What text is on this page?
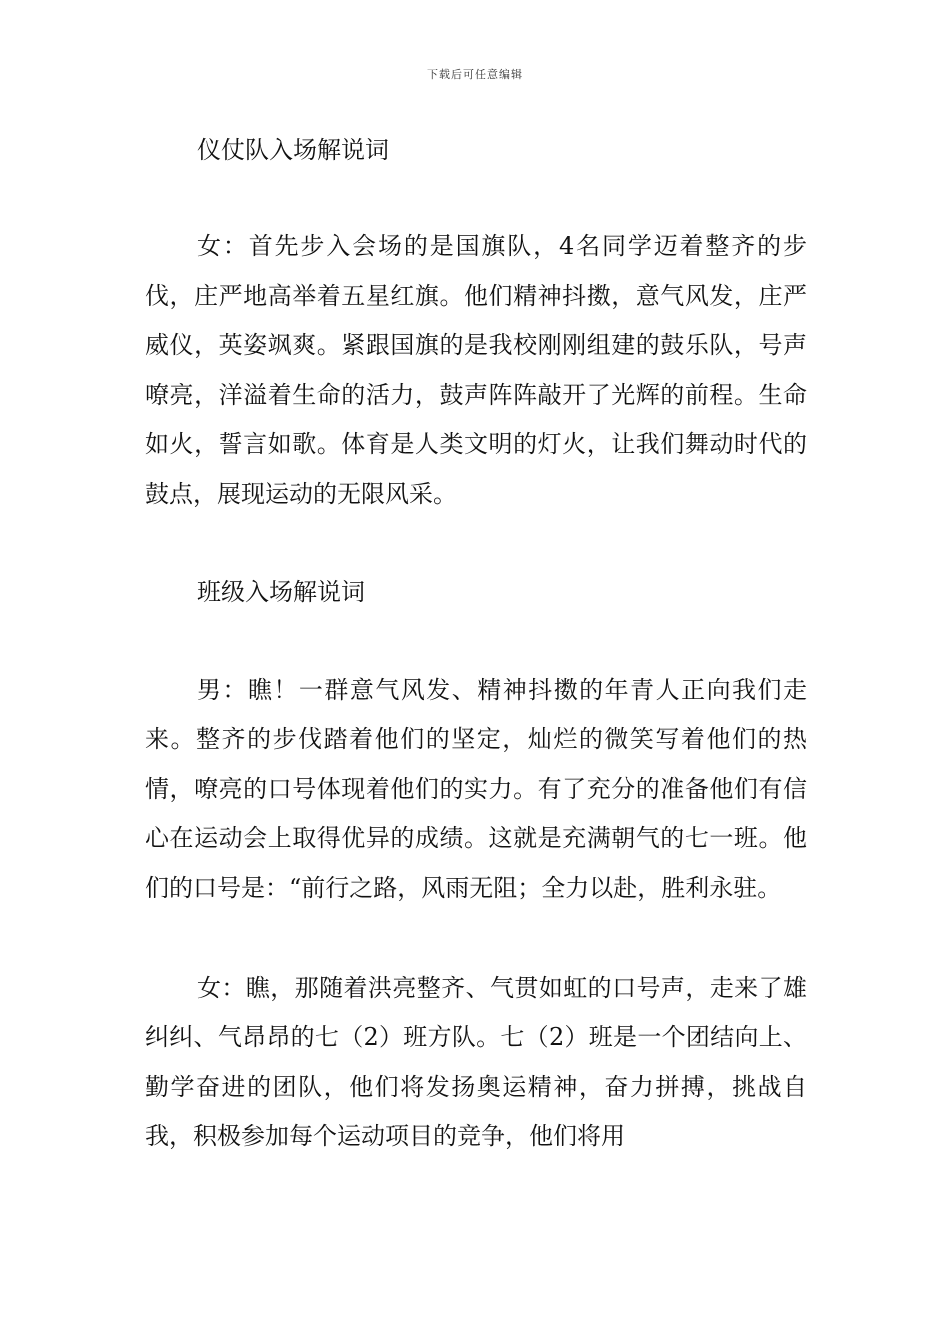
下载后可任意编辑
仪仗队入场解说词

女：首先步入会场的是国旗队，4名同学迈着整齐的步伐，庄严地高举着五星红旗。他们精神抖擞，意气风发，庄严威仪，英姿飒爽。紧跟国旗的是我校刚刚组建的鼓乐队，号声嘹亮，洋溢着生命的活力，鼓声阵阵敲开了光辉的前程。生命如火，誓言如歌。体育是人类文明的灯火，让我们舞动时代的鼓点，展现运动的无限风采。

班级入场解说词

男：瞧！一群意气风发、精神抖擞的年青人正向我们走来。整齐的步伐踏着他们的坚定，灿烂的微笑写着他们的热情，嘹亮的口号体现着他们的实力。有了充分的准备他们有信心在运动会上取得优异的成绩。这就是充满朝气的七一班。他们的口号是：“前行之路，风雨无阻；全力以赴，胜利永驻。

女：瞧，那随着洪亮整齐、气贯如虹的口号声，走来了雄纠纠、气昂昂的七（2）班方队。七（2）班是一个团结向上、勤学奋进的团队，他们将发扬奥运精神，奋力拼搏，挑战自我，积极参加每个运动项目的竞争，他们将用
